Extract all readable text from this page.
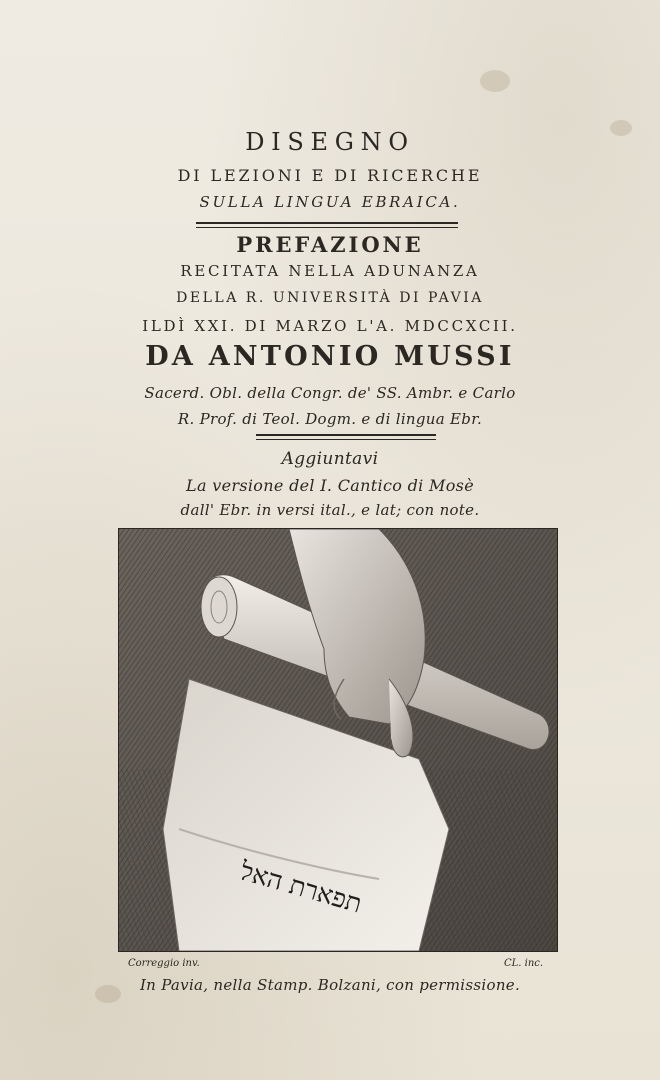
DISEGNO
DI LEZIONI E DI RICERCHE
SULLA LINGUA EBRAICA.
PREFAZIONE
RECITATA NELLA ADUNANZA
DELLA R. UNIVERSITÀ DI PAVIA
ILDÌ XXI. DI MARZO L'A. MDCCXCII.
DA ANTONIO MUSSI
Sacerd. Obl. della Congr. de' SS. Ambr. e Carlo
R. Prof. di Teol. Dogm. e di lingua Ebr.
Aggiuntavi
La versione del I. Cantico di Mosè
dall' Ebr. in versi ital., e lat; con note.
תפארת האל
Correggio inv.	CL. inc.
In Pavia, nella Stamp. Bolzani, con permissione.
